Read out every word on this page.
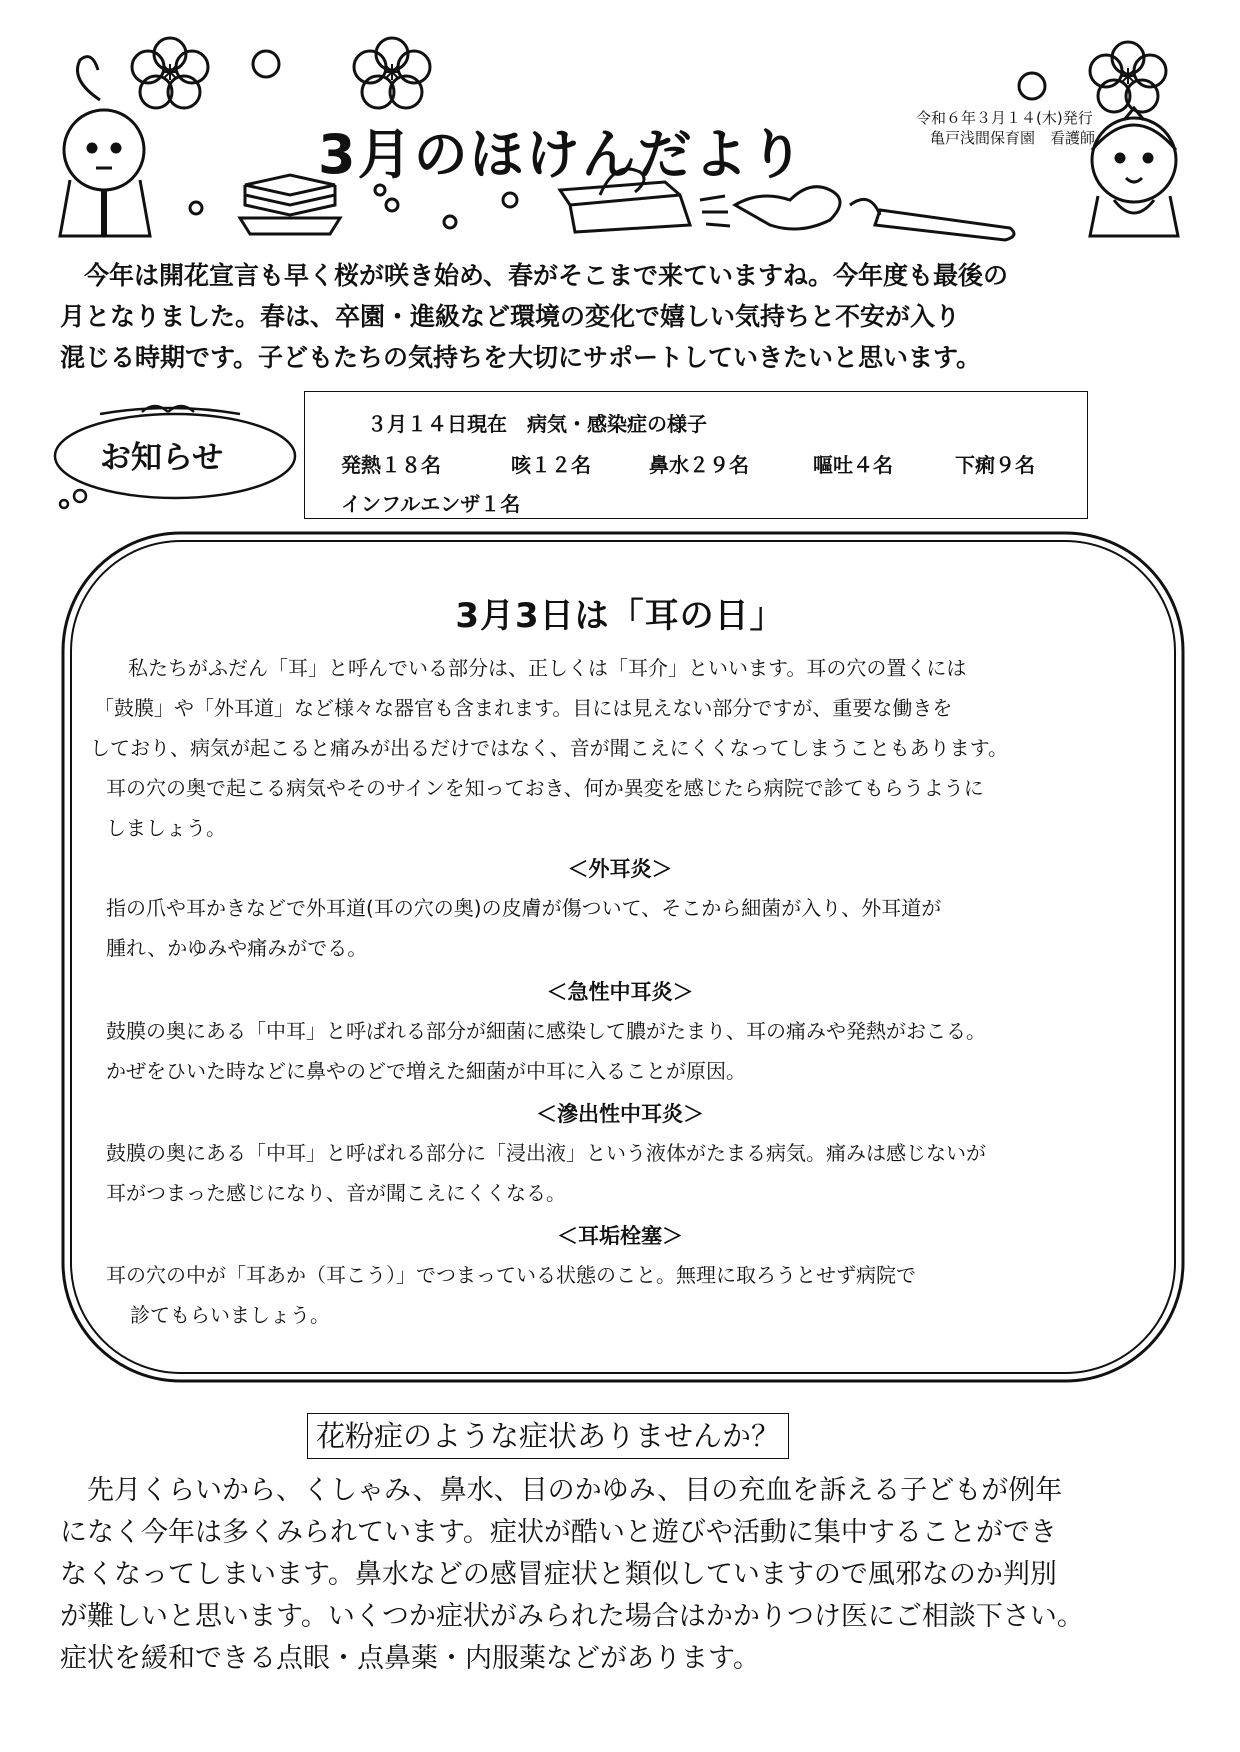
3月のほけんだより
令和６年３月１４(木)発行
亀戸浅間保育園　看護師

今年は開花宣言も早く桜が咲き始め、春がそこまで来ていますね。今年度も最後の

月となりました。春は、卒園・進級など環境の変化で嬉しい気持ちと不安が入り

混じる時期です。子どもたちの気持ちを大切にサポートしていきたいと思います。

お知らせ
３月１４日現在　病気・感染症の様子
発熱１８名	咳１２名	鼻水２９名	嘔吐４名	下痢９名
インフルエンザ１名
3月3日は「耳の日」
私たちがふだん「耳」と呼んでいる部分は、正しくは「耳介」といいます。耳の穴の置くには
「鼓膜」や「外耳道」など様々な器官も含まれます。目には見えない部分ですが、重要な働きを
しており、病気が起こると痛みが出るだけではなく、音が聞こえにくくなってしまうこともあります。
耳の穴の奥で起こる病気やそのサインを知っておき、何か異変を感じたら病院で診てもらうように
しましょう。
＜外耳炎＞
指の爪や耳かきなどで外耳道(耳の穴の奥)の皮膚が傷ついて、そこから細菌が入り、外耳道が
腫れ、かゆみや痛みがでる。
＜急性中耳炎＞
鼓膜の奥にある「中耳」と呼ばれる部分が細菌に感染して膿がたまり、耳の痛みや発熱がおこる。
かぜをひいた時などに鼻やのどで増えた細菌が中耳に入ることが原因。
＜滲出性中耳炎＞
鼓膜の奥にある「中耳」と呼ばれる部分に「浸出液」という液体がたまる病気。痛みは感じないが
耳がつまった感じになり、音が聞こえにくくなる。
＜耳垢栓塞＞
耳の穴の中が「耳あか（耳こう）」でつまっている状態のこと。無理に取ろうとせず病院で
診てもらいましょう。
花粉症のような症状ありませんか？

先月くらいから、くしゃみ、鼻水、目のかゆみ、目の充血を訴える子どもが例年

になく今年は多くみられています。症状が酷いと遊びや活動に集中することができ

なくなってしまいます。鼻水などの感冒症状と類似していますので風邪なのか判別

が難しいと思います。いくつか症状がみられた場合はかかりつけ医にご相談下さい。

症状を緩和できる点眼・点鼻薬・内服薬などがあります。
